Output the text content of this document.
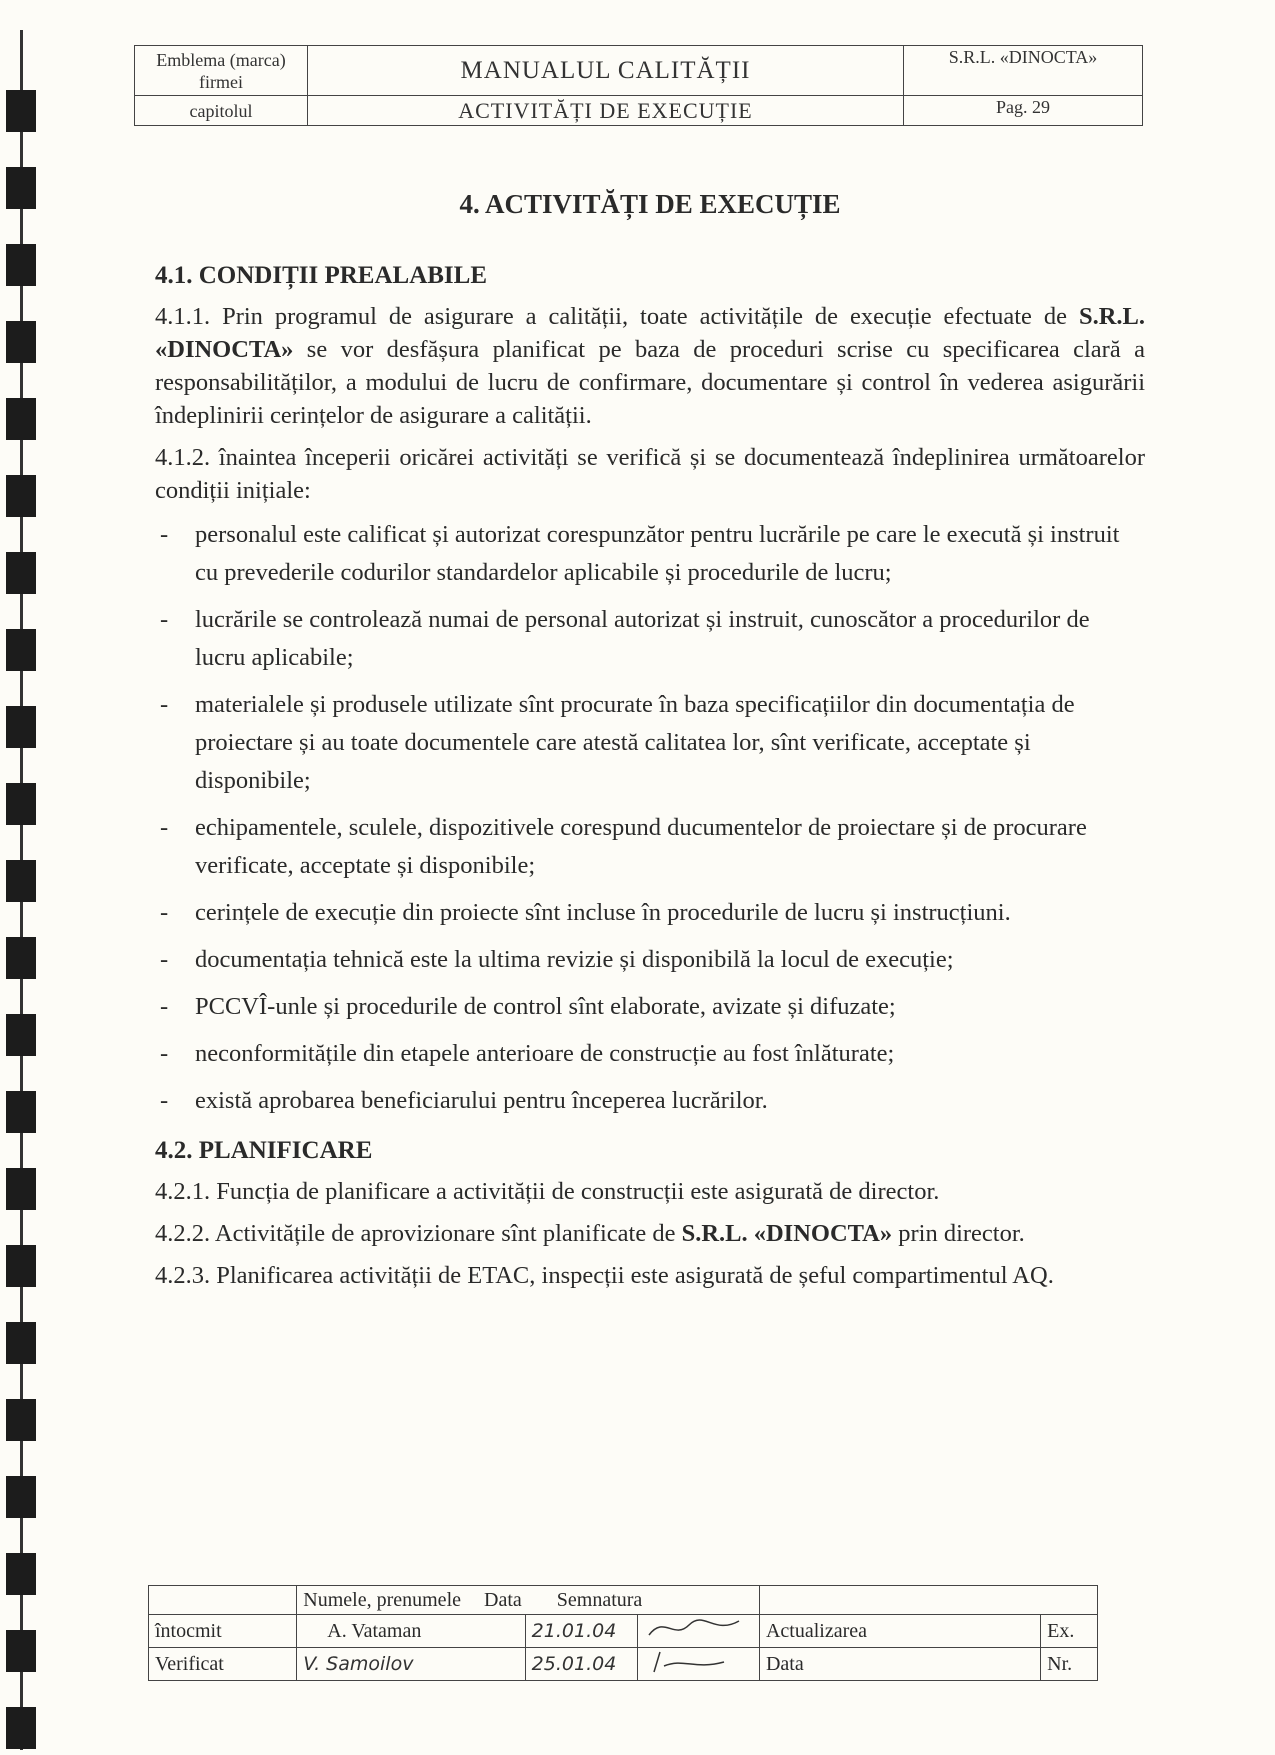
Emblema (marca) firmei	MANUALUL CALITĂȚII	S.R.L. «DINOCTA»
capitolul	ACTIVITĂȚI DE EXECUȚIE	Pag. 29
4. ACTIVITĂȚI DE EXECUȚIE
4.1. CONDIȚII PREALABILE

4.1.1. Prin programul de asigurare a calității, toate activitățile de execuție efectuate de S.R.L. «DINOCTA» se vor desfășura planificat pe baza de proceduri scrise cu specificarea clară a responsabilităților, a modului de lucru de confirmare, documentare și control în vederea asigurării îndeplinirii cerințelor de asigurare a calității.

4.1.2. înaintea începerii oricărei activități se verifică și se documentează îndeplinirea următoarelor condiții inițiale:

- personalul este calificat și autorizat corespunzător pentru lucrările pe care le execută și instruit cu prevederile codurilor standardelor aplicabile și procedurile de lucru;
- lucrările se controlează numai de personal autorizat și instruit, cunoscător a procedurilor de lucru aplicabile;
- materialele și produsele utilizate sînt procurate în baza specificațiilor din documentația de proiectare și au toate documentele care atestă calitatea lor, sînt verificate, acceptate și disponibile;
- echipamentele, sculele, dispozitivele corespund ducumentelor de proiectare și de procurare verificate, acceptate și disponibile;
- cerințele de execuție din proiecte sînt incluse în procedurile de lucru și instrucțiuni.
- documentația tehnică este la ultima revizie și disponibilă la locul de execuție;
- PCCVÎ-unle și procedurile de control sînt elaborate, avizate și difuzate;
- neconformitățile din etapele anterioare de construcție au fost înlăturate;
- există aprobarea beneficiarului pentru începerea lucrărilor.
4.2. PLANIFICARE

4.2.1. Funcția de planificare a activității de construcții este asigurată de director.

4.2.2. Activitățile de aprovizionare sînt planificate de S.R.L. «DINOCTA» prin director.

4.2.3. Planificarea activității de ETAC, inspecții este asigurată de șeful compartimentul AQ.

	Numele, prenumele Data Semnatura				
întocmit	A. Vataman	21.01.04		Actualizarea	Ex.
Verificat	V. Samoilov	25.01.04		Data	Nr.
